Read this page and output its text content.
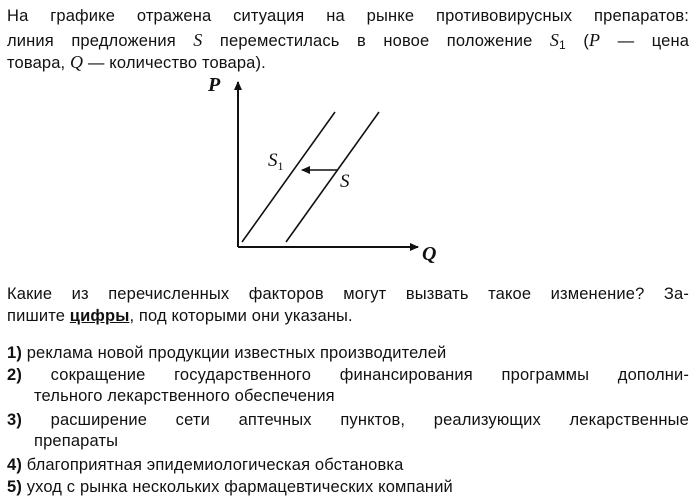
На графике отражена ситуация на рынке противовирусных препаратов:
линия предложения S переместилась в новое положение $S_1$ (P — цена
товара, Q — количество товара).
P
Q
$S_1$
S
Какие из перечисленных факторов могут вызвать такое изменение? За-
пишите цифры, под которыми они указаны.
1) реклама новой продукции известных производителей
2) сокращение государственного финансирования программы дополни-
тельного лекарственного обеспечения
3) расширение сети аптечных пунктов, реализующих лекарственные
препараты
4) благоприятная эпидемиологическая обстановка
5) уход с рынка нескольких фармацевтических компаний
